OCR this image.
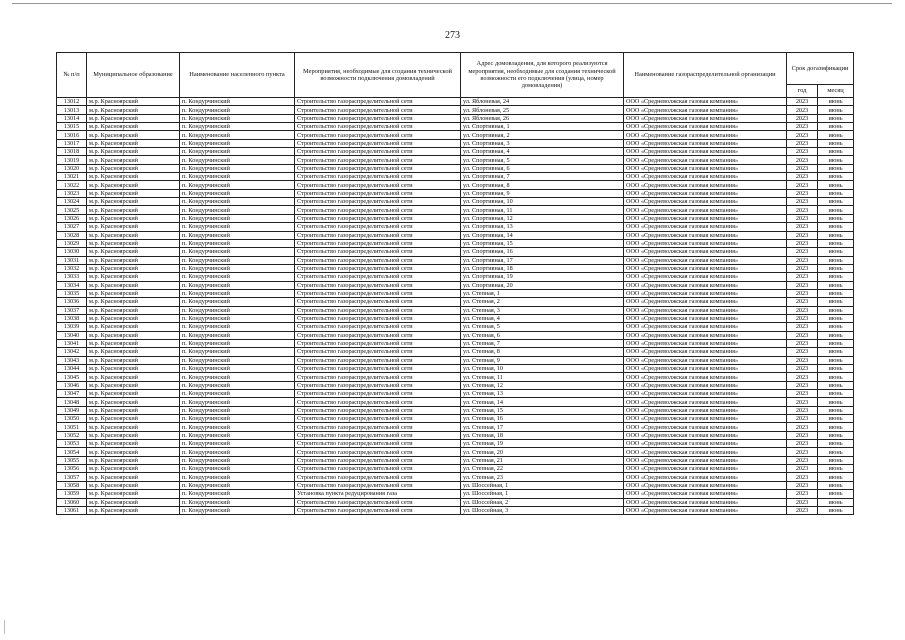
273
№ п/п	Муниципальное образование	Наименование населенного пункта	Мероприятия, необходимые для создания технической возможности подключения домовладений	Адрес домовладения, для которого реализуются мероприятия, необходимые для создания технической возможности его подключения (улица, номер домовладения)	Наименование газораспределительной организации	Срок догазификации	
						год	месяц
13012	м.р. Красноярский	п. Кондурчинский	Строительство газораспределительной сети	ул. Яблоневая, 24	ООО «Средневолжская газовая компания»	2023	июнь
13013	м.р. Красноярский	п. Кондурчинский	Строительство газораспределительной сети	ул. Яблоневая, 25	ООО «Средневолжская газовая компания»	2023	июнь
13014	м.р. Красноярский	п. Кондурчинский	Строительство газораспределительной сети	ул. Яблоневая, 26	ООО «Средневолжская газовая компания»	2023	июнь
13015	м.р. Красноярский	п. Кондурчинский	Строительство газораспределительной сети	ул. Спортивная, 1	ООО «Средневолжская газовая компания»	2023	июнь
13016	м.р. Красноярский	п. Кондурчинский	Строительство газораспределительной сети	ул. Спортивная, 2	ООО «Средневолжская газовая компания»	2023	июнь
13017	м.р. Красноярский	п. Кондурчинский	Строительство газораспределительной сети	ул. Спортивная, 3	ООО «Средневолжская газовая компания»	2023	июнь
13018	м.р. Красноярский	п. Кондурчинский	Строительство газораспределительной сети	ул. Спортивная, 4	ООО «Средневолжская газовая компания»	2023	июнь
13019	м.р. Красноярский	п. Кондурчинский	Строительство газораспределительной сети	ул. Спортивная, 5	ООО «Средневолжская газовая компания»	2023	июнь
13020	м.р. Красноярский	п. Кондурчинский	Строительство газораспределительной сети	ул. Спортивная, 6	ООО «Средневолжская газовая компания»	2023	июнь
13021	м.р. Красноярский	п. Кондурчинский	Строительство газораспределительной сети	ул. Спортивная, 7	ООО «Средневолжская газовая компания»	2023	июнь
13022	м.р. Красноярский	п. Кондурчинский	Строительство газораспределительной сети	ул. Спортивная, 8	ООО «Средневолжская газовая компания»	2023	июнь
13023	м.р. Красноярский	п. Кондурчинский	Строительство газораспределительной сети	ул. Спортивная, 9	ООО «Средневолжская газовая компания»	2023	июнь
13024	м.р. Красноярский	п. Кондурчинский	Строительство газораспределительной сети	ул. Спортивная, 10	ООО «Средневолжская газовая компания»	2023	июнь
13025	м.р. Красноярский	п. Кондурчинский	Строительство газораспределительной сети	ул. Спортивная, 11	ООО «Средневолжская газовая компания»	2023	июнь
13026	м.р. Красноярский	п. Кондурчинский	Строительство газораспределительной сети	ул. Спортивная, 12	ООО «Средневолжская газовая компания»	2023	июнь
13027	м.р. Красноярский	п. Кондурчинский	Строительство газораспределительной сети	ул. Спортивная, 13	ООО «Средневолжская газовая компания»	2023	июнь
13028	м.р. Красноярский	п. Кондурчинский	Строительство газораспределительной сети	ул. Спортивная, 14	ООО «Средневолжская газовая компания»	2023	июнь
13029	м.р. Красноярский	п. Кондурчинский	Строительство газораспределительной сети	ул. Спортивная, 15	ООО «Средневолжская газовая компания»	2023	июнь
13030	м.р. Красноярский	п. Кондурчинский	Строительство газораспределительной сети	ул. Спортивная, 16	ООО «Средневолжская газовая компания»	2023	июнь
13031	м.р. Красноярский	п. Кондурчинский	Строительство газораспределительной сети	ул. Спортивная, 17	ООО «Средневолжская газовая компания»	2023	июнь
13032	м.р. Красноярский	п. Кондурчинский	Строительство газораспределительной сети	ул. Спортивная, 18	ООО «Средневолжская газовая компания»	2023	июнь
13033	м.р. Красноярский	п. Кондурчинский	Строительство газораспределительной сети	ул. Спортивная, 19	ООО «Средневолжская газовая компания»	2023	июнь
13034	м.р. Красноярский	п. Кондурчинский	Строительство газораспределительной сети	ул. Спортивная, 20	ООО «Средневолжская газовая компания»	2023	июнь
13035	м.р. Красноярский	п. Кондурчинский	Строительство газораспределительной сети	ул. Степная, 1	ООО «Средневолжская газовая компания»	2023	июнь
13036	м.р. Красноярский	п. Кондурчинский	Строительство газораспределительной сети	ул. Степная, 2	ООО «Средневолжская газовая компания»	2023	июнь
13037	м.р. Красноярский	п. Кондурчинский	Строительство газораспределительной сети	ул. Степная, 3	ООО «Средневолжская газовая компания»	2023	июнь
13038	м.р. Красноярский	п. Кондурчинский	Строительство газораспределительной сети	ул. Степная, 4	ООО «Средневолжская газовая компания»	2023	июнь
13039	м.р. Красноярский	п. Кондурчинский	Строительство газораспределительной сети	ул. Степная, 5	ООО «Средневолжская газовая компания»	2023	июнь
13040	м.р. Красноярский	п. Кондурчинский	Строительство газораспределительной сети	ул. Степная, 6	ООО «Средневолжская газовая компания»	2023	июнь
13041	м.р. Красноярский	п. Кондурчинский	Строительство газораспределительной сети	ул. Степная, 7	ООО «Средневолжская газовая компания»	2023	июнь
13042	м.р. Красноярский	п. Кондурчинский	Строительство газораспределительной сети	ул. Степная, 8	ООО «Средневолжская газовая компания»	2023	июнь
13043	м.р. Красноярский	п. Кондурчинский	Строительство газораспределительной сети	ул. Степная, 9	ООО «Средневолжская газовая компания»	2023	июнь
13044	м.р. Красноярский	п. Кондурчинский	Строительство газораспределительной сети	ул. Степная, 10	ООО «Средневолжская газовая компания»	2023	июнь
13045	м.р. Красноярский	п. Кондурчинский	Строительство газораспределительной сети	ул. Степная, 11	ООО «Средневолжская газовая компания»	2023	июнь
13046	м.р. Красноярский	п. Кондурчинский	Строительство газораспределительной сети	ул. Степная, 12	ООО «Средневолжская газовая компания»	2023	июнь
13047	м.р. Красноярский	п. Кондурчинский	Строительство газораспределительной сети	ул. Степная, 13	ООО «Средневолжская газовая компания»	2023	июнь
13048	м.р. Красноярский	п. Кондурчинский	Строительство газораспределительной сети	ул. Степная, 14	ООО «Средневолжская газовая компания»	2023	июнь
13049	м.р. Красноярский	п. Кондурчинский	Строительство газораспределительной сети	ул. Степная, 15	ООО «Средневолжская газовая компания»	2023	июнь
13050	м.р. Красноярский	п. Кондурчинский	Строительство газораспределительной сети	ул. Степная, 16	ООО «Средневолжская газовая компания»	2023	июнь
13051	м.р. Красноярский	п. Кондурчинский	Строительство газораспределительной сети	ул. Степная, 17	ООО «Средневолжская газовая компания»	2023	июнь
13052	м.р. Красноярский	п. Кондурчинский	Строительство газораспределительной сети	ул. Степная, 18	ООО «Средневолжская газовая компания»	2023	июнь
13053	м.р. Красноярский	п. Кондурчинский	Строительство газораспределительной сети	ул. Степная, 19	ООО «Средневолжская газовая компания»	2023	июнь
13054	м.р. Красноярский	п. Кондурчинский	Строительство газораспределительной сети	ул. Степная, 20	ООО «Средневолжская газовая компания»	2023	июнь
13055	м.р. Красноярский	п. Кондурчинский	Строительство газораспределительной сети	ул. Степная, 21	ООО «Средневолжская газовая компания»	2023	июнь
13056	м.р. Красноярский	п. Кондурчинский	Строительство газораспределительной сети	ул. Степная, 22	ООО «Средневолжская газовая компания»	2023	июнь
13057	м.р. Красноярский	п. Кондурчинский	Строительство газораспределительной сети	ул. Степная, 23	ООО «Средневолжская газовая компания»	2023	июнь
13058	м.р. Красноярский	п. Кондурчинский	Строительство газораспределительной сети	ул. Шоссейная, 1	ООО «Средневолжская газовая компания»	2023	июнь
13059	м.р. Красноярский	п. Кондурчинский	Установка пункта редуцирования газа	ул. Шоссейная, 1	ООО «Средневолжская газовая компания»	2023	июнь
13060	м.р. Красноярский	п. Кондурчинский	Строительство газораспределительной сети	ул. Шоссейная, 2	ООО «Средневолжская газовая компания»	2023	июнь
13061	м.р. Красноярский	п. Кондурчинский	Строительство газораспределительной сети	ул. Шоссейная, 3	ООО «Средневолжская газовая компания»	2023	июнь
